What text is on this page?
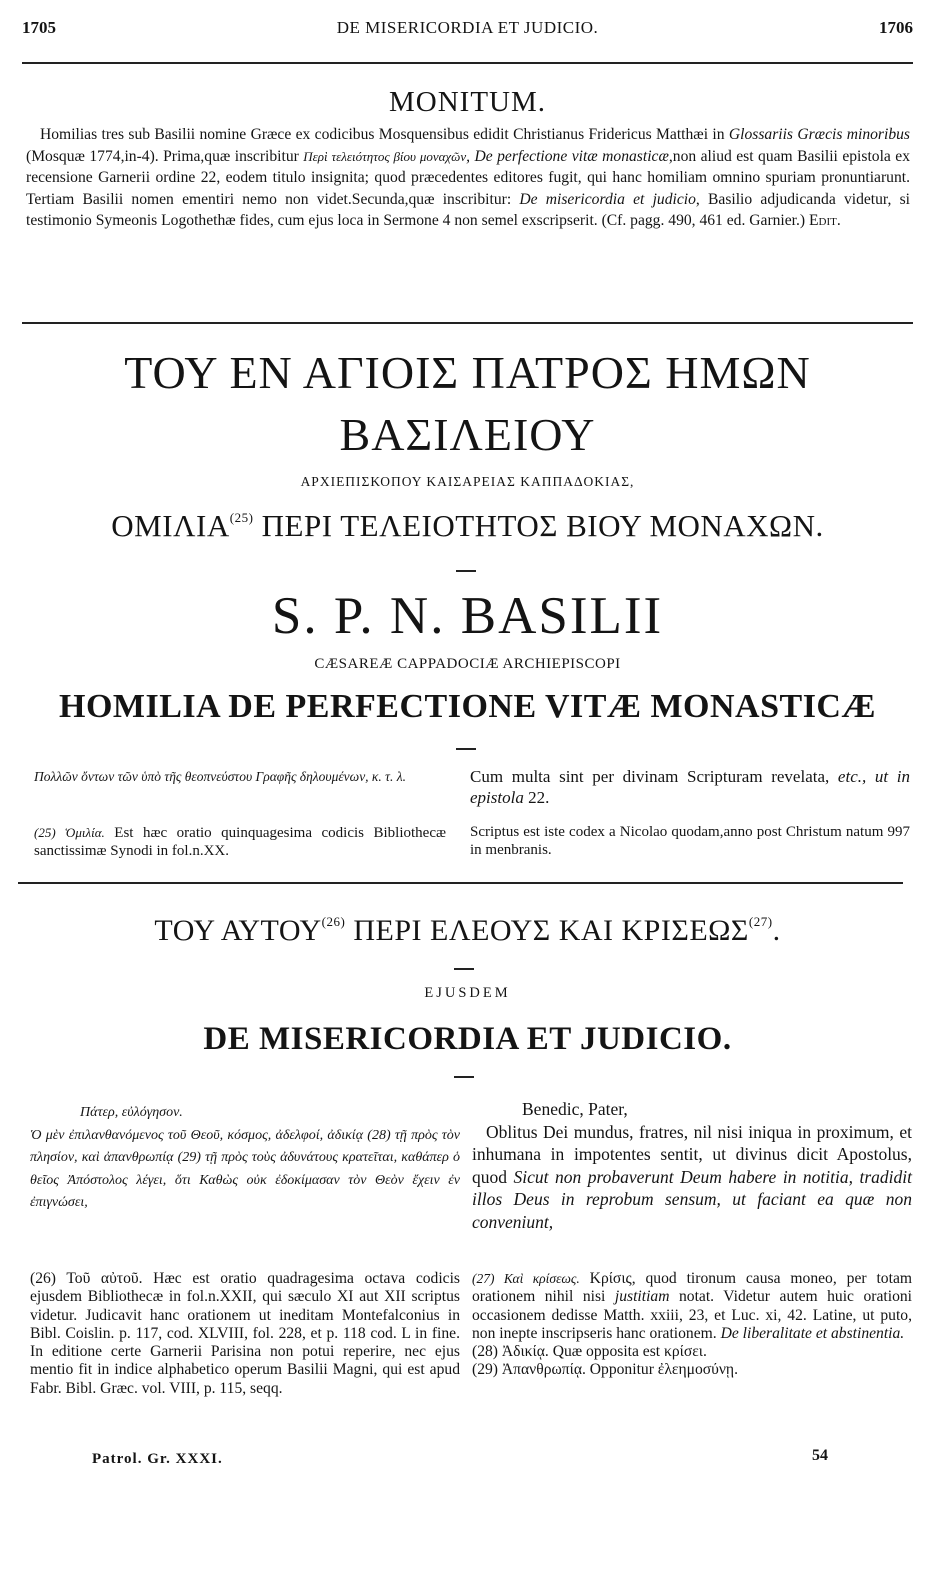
1705	DE MISERICORDIA ET JUDICIO.	1706
MONITUM.
Homilias tres sub Basilii nomine Græce ex codicibus Mosquensibus edidit Christianus Fridericus Matthæi in Glossariis Græcis minoribus (Mosquæ 1774,in-4). Prima,quæ inscribitur Περὶ τελειότητος βίου μοναχῶν, De perfectione vitæ monasticæ,non aliud est quam Basilii epistola ex recensione Garnerii ordine 22, eodem titulo insignita; quod præcedentes editores fugit, qui hanc homiliam omnino spuriam pronuntiarunt. Tertiam Basilii nomen ementiri nemo non videt.Secunda,quæ inscribitur: De misericordia et judicio, Basilio adjudicanda videtur, si testimonio Symeonis Logothethæ fides, cum ejus loca in Sermone 4 non semel exscripserit. (Cf. pagg. 490, 461 ed. Garnier.) Edit.
ΤΟΥ ΕΝ ΑΓΙΟΙΣ ΠΑΤΡΟΣ ΗΜΩΝ
ΒΑΣΙΛΕΙΟΥ
ΑΡΧΙΕΠΙΣΚΟΠΟΥ ΚΑΙΣΑΡΕΙΑΣ ΚΑΠΠΑΔΟΚΙΑΣ,
ΟΜΙΛΙΑ$^{(25)}$ ΠΕΡΙ ΤΕΛΕΙΟΤΗΤΟΣ ΒΙΟΥ ΜΟΝΑΧΩΝ.
S. P. N. BASILII
CÆSAREÆ CAPPADOCIÆ ARCHIEPISCOPI
HOMILIA DE PERFECTIONE VITÆ MONASTICÆ
Πολλῶν ὄντων τῶν ὑπὸ τῆς θεοπνεύστου Γραφῆς δηλουμένων, κ. τ. λ.	Cum multa sint per divinam Scripturam revelata, etc., ut in epistola 22.
(25) Ὁμιλία. Est hæc oratio quinquagesima codicis Bibliothecæ sanctissimæ Synodi in fol.n.XX.
Scriptus est iste codex a Nicolao quodam,anno post Christum natum 997 in menbranis.
ΤΟΥ ΑΥΤΟΥ$^{(26)}$ ΠΕΡΙ ΕΛΕΟΥΣ ΚΑΙ ΚΡΙΣΕΩΣ$^{(27)}$.
EJUSDEM
DE MISERICORDIA ET JUDICIO.
Πάτερ, εὐλόγησον.
Ὁ μὲν ἐπιλανθανόμενος τοῦ Θεοῦ, κόσμος, ἀδελφοί, ἀδικίᾳ (28) τῇ πρὸς τὸν πλησίον, καὶ ἀπανθρωπίᾳ (29) τῇ πρὸς τοὺς ἀδυνάτους κρατεῖται, καθάπερ ὁ θεῖος Ἀπόστολος λέγει, ὅτι Καθὼς οὐκ ἐδοκίμασαν τὸν Θεὸν ἔχειν ἐν ἐπιγνώσει,
Benedic, Pater,
Oblitus Dei mundus, fratres, nil nisi iniqua in proximum, et inhumana in impotentes sentit, ut divinus dicit Apostolus, quod Sicut non probaverunt Deum habere in notitia, tradidit illos Deus in reprobum sensum, ut faciant ea quæ non conveniunt,
(26) Τοῦ αὐτοῦ. Hæc est oratio quadragesima octava codicis ejusdem Bibliothecæ in fol.n.XXII, qui sæculo XI aut XII scriptus videtur. Judicavit hanc orationem ut ineditam Montefalconius in Bibl. Coislin. p. 117, cod. XLVIII, fol. 228, et p. 118 cod. L in fine. In editione certe Garnerii Parisina non potui reperire, nec ejus mentio fit in indice alphabetico operum Basilii Magni, qui est apud Fabr. Bibl. Græc. vol. VIII, p. 115, seqq.
(27) Καὶ κρίσεως. Κρίσις, quod tironum causa moneo, per totam orationem nihil nisi justitiam notat. Videtur autem huic orationi occasionem dedisse Matth. xxiii, 23, et Luc. xi, 42. Latine, ut puto, non inepte inscripseris hanc orationem. De liberalitate et abstinentia.
(28) Ἀδικίᾳ. Quæ opposita est κρίσει.
(29) Ἀπανθρωπίᾳ. Opponitur ἐλεημοσύνῃ.
Patrol. Gr. XXXI.	54
